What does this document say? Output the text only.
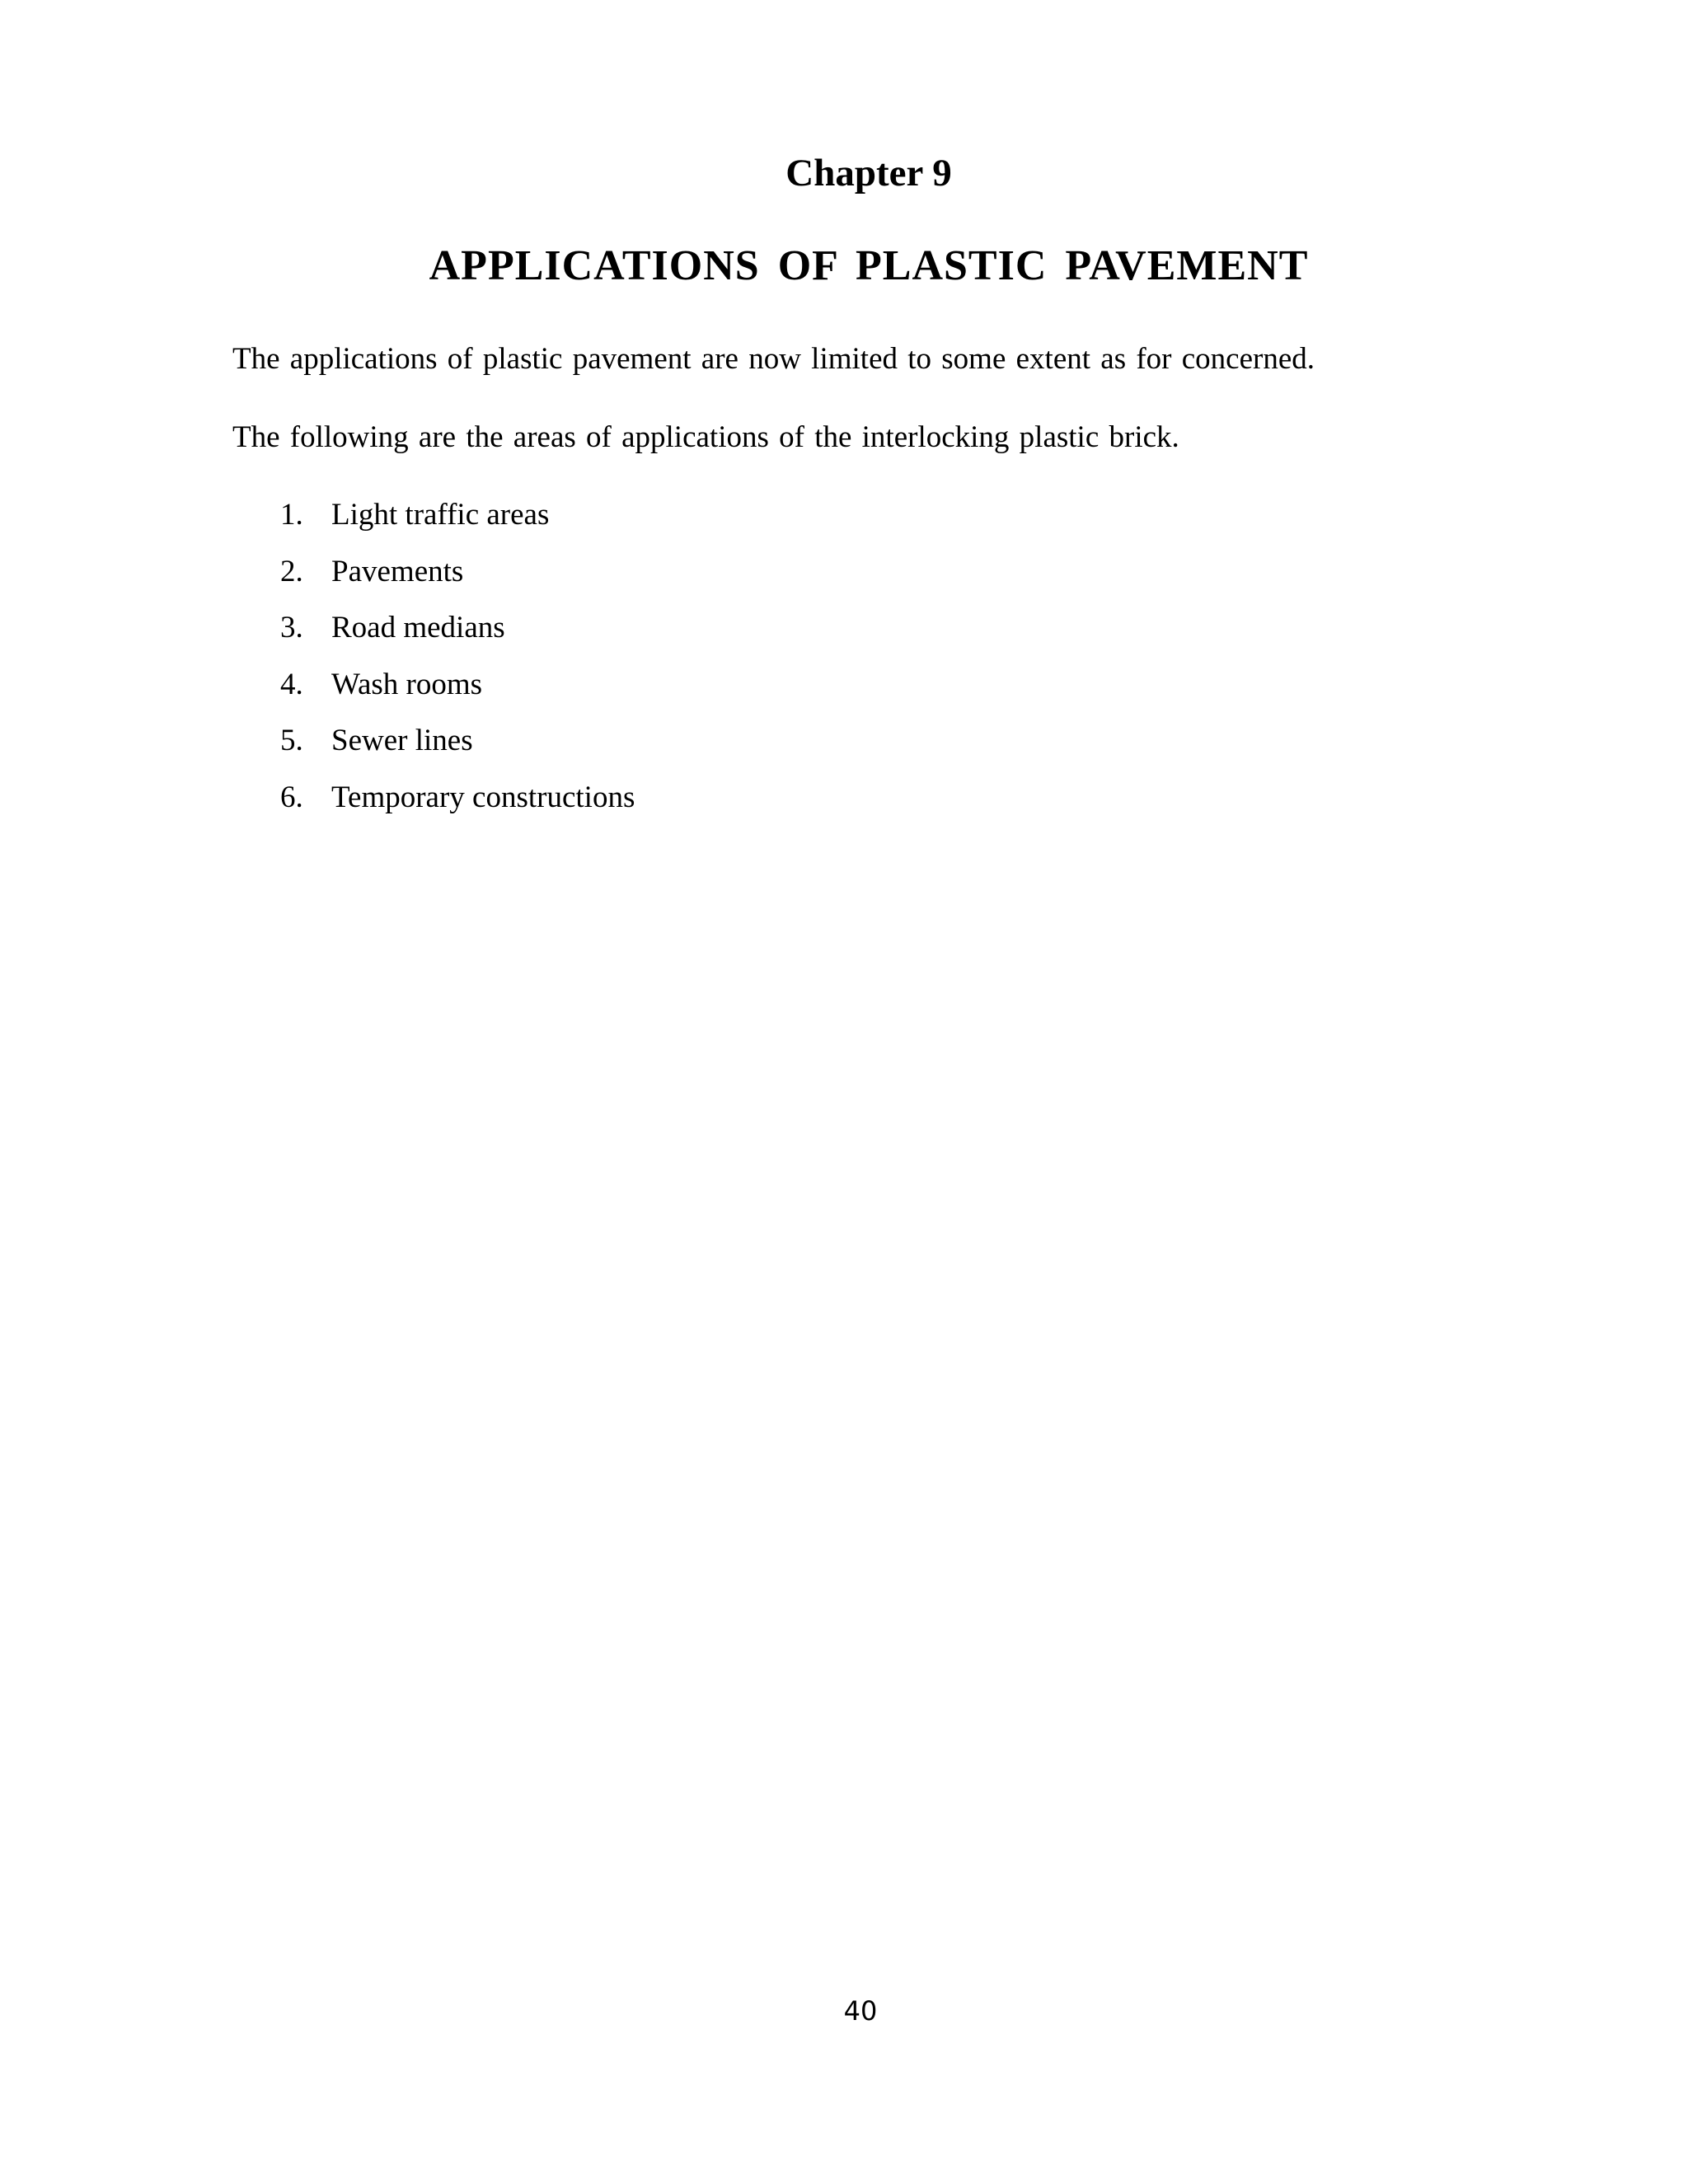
Chapter 9
APPLICATIONS OF PLASTIC PAVEMENT
The applications of plastic pavement are now limited to some extent as for concerned.
The following are the areas of applications of the interlocking plastic brick.
1. Light traffic areas
2. Pavements
3. Road medians
4. Wash rooms
5. Sewer lines
6. Temporary constructions
40
